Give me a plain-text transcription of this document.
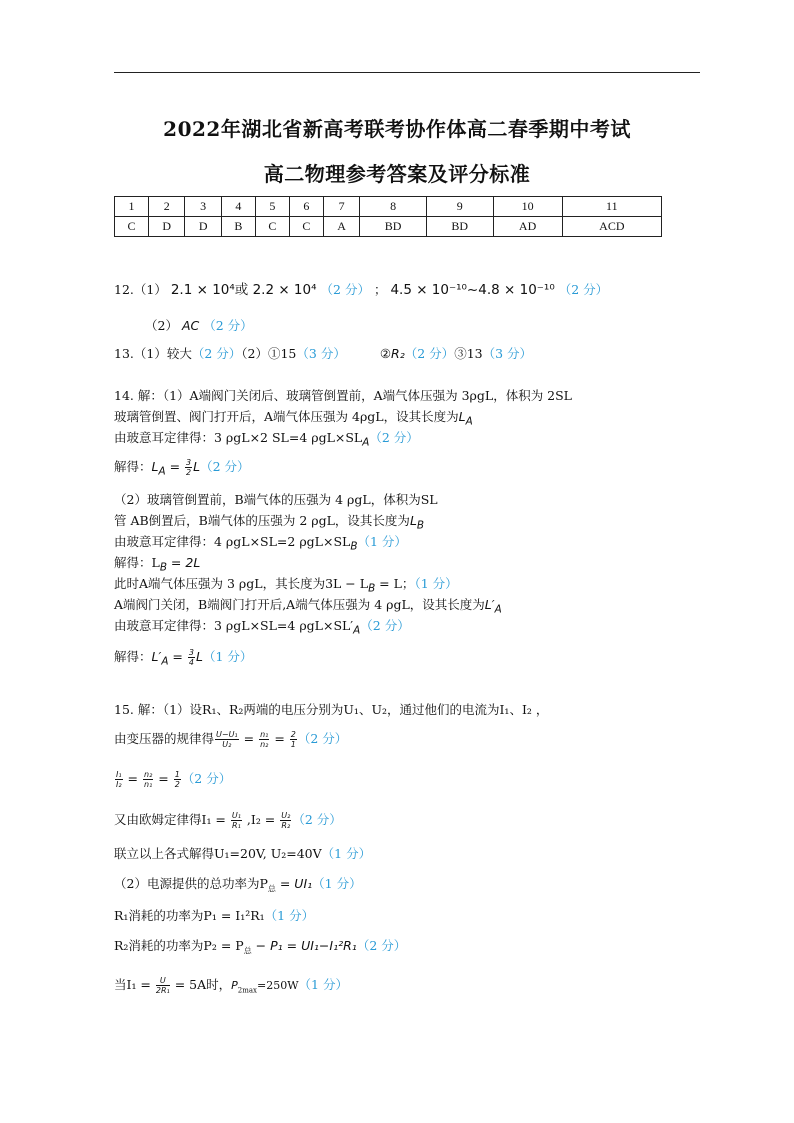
2022年湖北省新高考联考协作体高二春季期中考试
高二物理参考答案及评分标准
1	2	3	4	5	6	7	8	9	10	11
C	D	D	B	C	C	A	BD	BD	AD	ACD
12.（1） 2.1 × 10⁴或 2.2 × 10⁴ （2 分） ； 4.5 × 10⁻¹⁰~4.8 × 10⁻¹⁰ （2 分）
（2） AC （2 分）
13.（1）较大（2 分）（2）①15（3 分）	②R₂（2 分）③13（3 分）
14. 解：（1）A端阀门关闭后、玻璃管倒置前，A端气体压强为 3ρgL，体积为 2SL
玻璃管倒置、阀门打开后，A端气体压强为 4ρgL，设其长度为$L_A$
由玻意耳定律得：3 ρgL×2 SL=4 $\rho gL\times SL_A(2$ 分）
解得：$L_A = \frac{3}{2} L(2$ 分）
（2）玻璃管倒置前，B端气体的压强为 4 ρgL，体积为SL
管 AB倒置后，B端气体的压强为 2 ρgL，设其长度为$L_B$
由玻意耳定律得：4 ρgL×SL=2 $\rho gL\times SL_B(1$ 分）
解得：$L_B = 2L$
此时A端气体压强为 3 ρgL，其长度为$3L - L_B = L$；（1 分）
A端阀门关闭，B端阀门打开后,A端气体压强为 4 ρgL，设其长度为$L'_A$
由玻意耳定律得：3 ρgL×SL=4 $\rho gL\times SL'_A(2$ 分）
解得：$L'_A = \frac{3}{4} L(1$ 分）
15. 解：（1）设R₁、R₂两端的电压分别为U₁、U₂，通过他们的电流为I₁、I₂ ，
由变压器的规律得 $\frac{\text{U−U₁}}{\text{U₂}} = \frac{\text{n₁}}{\text{n₂}} = \frac{2}{1} (2$ 分）
$\frac{\text{I₁}}{\text{I₂}} = \frac{\text{n₂}}{\text{n₁}} = \frac{1}{2} (2$ 分）
又由欧姆定律得$I_1 = \frac{\text{U₁}}{\text{R₁}} ,I_2 = \frac{\text{U₂}}{\text{R₂}} (2$ 分）
联立以上各式解得U₁=20V, U₂=40V（1 分）
（2）电源提供的总功率为$P_总 = UI_1(1$ 分）
R₁消耗的功率为P₁ = I₁²R₁（1 分）
R₂消耗的功率为$P_2 = P_总 - P_1 = UI_1-I_1^2R_1(2$ 分）
当$I_1 = \frac{U}{\text{2R₁}} = 5A$时，$P_{2max}=250W(1$ 分）
